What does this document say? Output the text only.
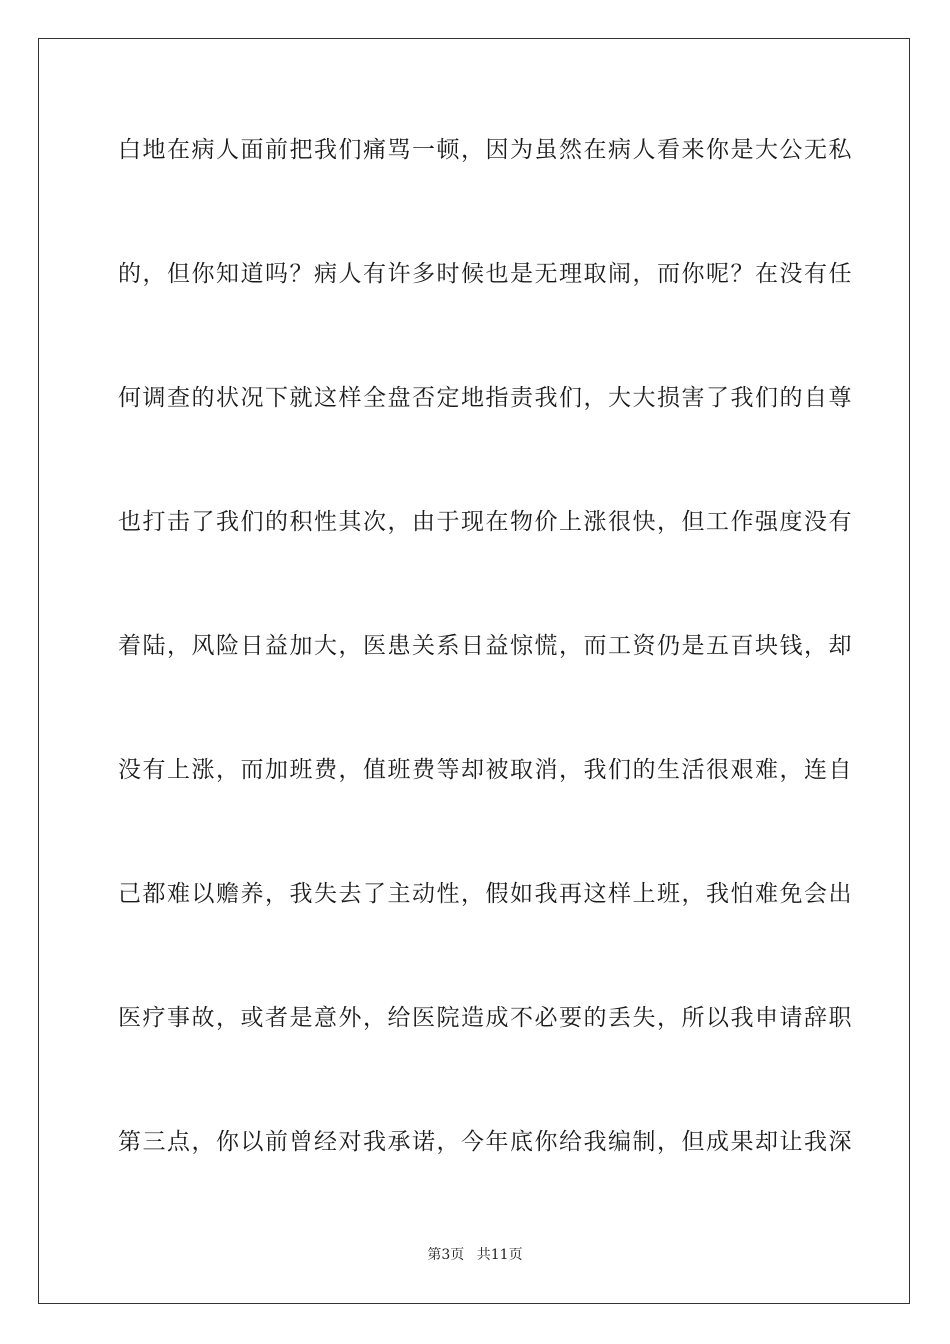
白地在病人面前把我们痛骂一顿，因为虽然在病人看来你是大公无私
的，但你知道吗？病人有许多时候也是无理取闹，而你呢？在没有任
何调查的状况下就这样全盘否定地指责我们，大大损害了我们的自尊
也打击了我们的积性其次，由于现在物价上涨很快，但工作强度没有
着陆，风险日益加大，医患关系日益惊慌，而工资仍是五百块钱，却
没有上涨，而加班费，值班费等却被取消，我们的生活很艰难，连自
己都难以赡养，我失去了主动性，假如我再这样上班，我怕难免会出
医疗事故，或者是意外，给医院造成不必要的丢失，所以我申请辞职
第三点，你以前曾经对我承诺，今年底你给我编制，但成果却让我深
第3页 共11页
